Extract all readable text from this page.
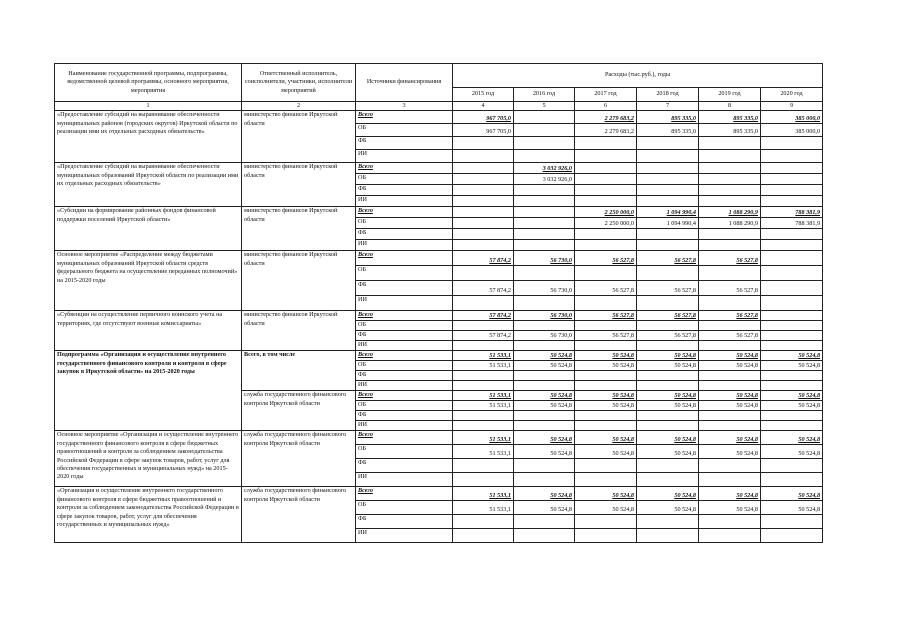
Наименование государственной программы, подпрограммы, ведомственной целевой программы, основного мероприятия, мероприятия	Ответственный исполнитель, соисполнители, участники, исполнители мероприятий	Источники финансирования	Расходы (тыс.руб.), годы					
			2015 год	2016 год	2017 год	2018 год	2019 год	2020 год
1	2	3	4	5	6	7	8	9
«Предоставление субсидий на выравнивание обеспеченности муниципальных районов (городских округов) Иркутской области по реализации ими их отдельных расходных обязательств»	министерство финансов Иркутской области	Всего	967 705,0		2 279 683,2	895 335,0	895 335,0	385 000,0
		ОБ	967 705,0		2 279 683,2	895 335,0	895 335,0	385 000,0
		ФБ						
		ИИ						
«Предоставление субсидий на выравнивание обеспеченности муниципальных образований Иркутской области по реализации ими их отдельных расходных обязательств»	министерство финансов Иркутской области	Всего		3 032 926,0				
		ОБ		3 032 926,0				
		ФБ						
		ИИ						
«Субсидии на формирование районных фондов финансовой поддержки поселений Иркутской области»	министерство финансов Иркутской области	Всего			2 250 000,0	1 094 990,4	1 088 290,9	788 381,9
		ОБ			2 250 000,0	1 094 990,4	1 088 290,9	788 381,9
		ФБ						
		ИИ						
Основное мероприятие «Распределение между бюджетами муниципальных образований Иркутской области средств федерального бюджета на осуществление переданных полномочий» на 2015-2020 годы	министерство финансов Иркутской области	Всего	57 874,2	56 730,0	56 527,8	56 527,8	56 527,8	
		ОБ						
		ФБ	57 874,2	56 730,0	56 527,8	56 527,8	56 527,8	
		ИИ						
«Субвенции на осуществление первичного воинского учета на территориях, где отсутствуют военные комиссариаты»	министерство финансов Иркутской области	Всего	57 874,2	56 730,0	56 527,8	56 527,8	56 527,8	
		ОБ						
		ФБ	57 874,2	56 730,0	56 527,8	56 527,8	56 527,8	
		ИИ						
Подпрограмма «Организация и осуществление внутреннего государственного финансового контроля и контроля в сфере закупок в Иркутской области» на 2015-2020 годы	Всего, в том числе	Всего	51 533,1	50 524,8	50 524,8	50 524,8	50 524,8	50 524,8
		ОБ	51 533,1	50 524,8	50 524,8	50 524,8	50 524,8	50 524,8
		ФБ						
		ИИ						
	служба государственного финансового контроля Иркутской области	Всего	51 533,1	50 524,8	50 524,8	50 524,8	50 524,8	50 524,8
		ОБ	51 533,1	50 524,8	50 524,8	50 524,8	50 524,8	50 524,8
		ФБ						
		ИИ						
Основное мероприятие «Организация и осуществление внутреннего государственного финансового контроля в сфере бюджетных правоотношений и контроля за соблюдением законодательства Российской Федерации в сфере закупок товаров, работ, услуг для обеспечения государственных и муниципальных нужд» на 2015-2020 годы	служба государственного финансового контроля Иркутской области	Всего	51 533,1	50 524,8	50 524,8	50 524,8	50 524,8	50 524,8
		ОБ	51 533,1	50 524,8	50 524,8	50 524,8	50 524,8	50 524,8
		ФБ						
		ИИ						
«Организация и осуществление внутреннего государственного финансового контроля в сфере бюджетных правоотношений и контроля за соблюдением законодательства Российской Федерации в сфере закупок товаров, работ, услуг для обеспечения государственных и муниципальных нужд»	служба государственного финансового контроля Иркутской области	Всего	51 533,1	50 524,8	50 524,8	50 524,8	50 524,8	50 524,8
		ОБ	51 533,1	50 524,8	50 524,8	50 524,8	50 524,8	50 524,8
		ФБ						
		ИИ						
